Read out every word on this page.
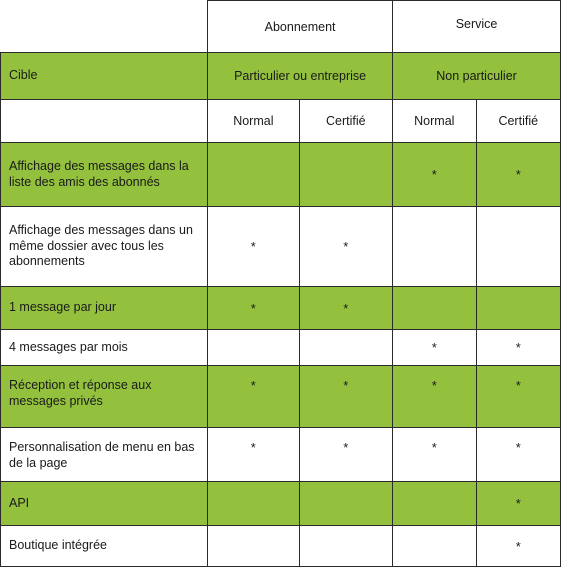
	Abonnement		Service	
Cible	Particulier ou entreprise		Non particulier	
	Normal	Certifié	Normal	Certifié
Affichage des messages dans la liste des amis des abonnés			*	*
Affichage des messages dans un même dossier avec tous les abonnements	*	*		
1 message par jour	*	*		
4 messages par mois			*	*
Réception et réponse aux messages privés	*	*	*	*
Personnalisation de menu en bas de la page	*	*	*	*
API				*
Boutique intégrée				*
